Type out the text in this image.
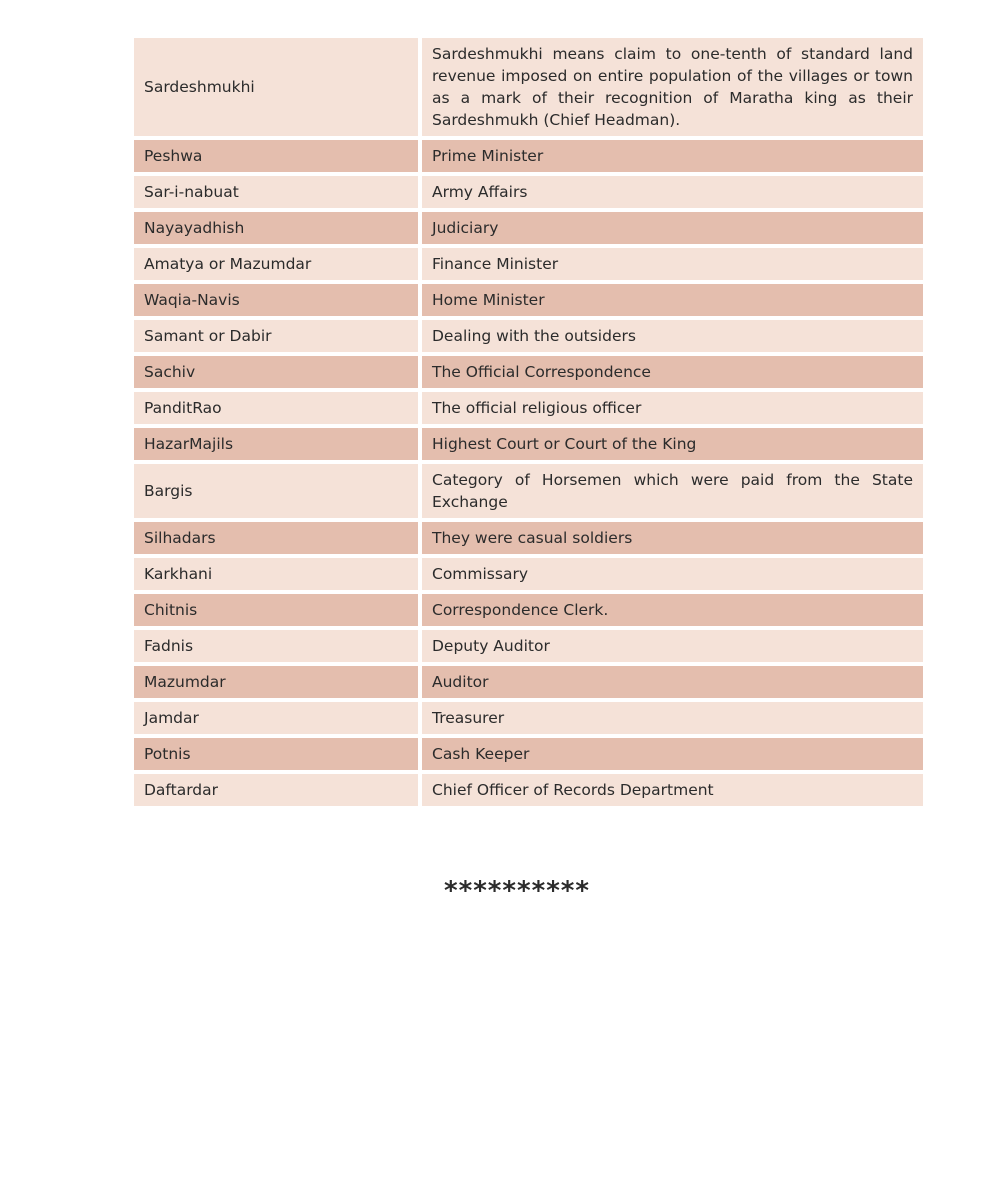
Sardeshmukhi	Sardeshmukhi means claim to one-tenth of standard land revenue imposed on entire population of the villages or town as a mark of their recognition of Maratha king as their Sardeshmukh (Chief Headman).
Peshwa	Prime Minister
Sar-i-nabuat	Army Affairs
Nayayadhish	Judiciary
Amatya or Mazumdar	Finance Minister
Waqia-Navis	Home Minister
Samant or Dabir	Dealing with the outsiders
Sachiv	The Official Correspondence
PanditRao	The official religious officer
HazarMajils	Highest Court or Court of the King
Bargis	Category of Horsemen which were paid from the State Exchange
Silhadars	They were casual soldiers
Karkhani	Commissary
Chitnis	Correspondence Clerk.
Fadnis	Deputy Auditor
Mazumdar	Auditor
Jamdar	Treasurer
Potnis	Cash Keeper
Daftardar	Chief Officer of Records Department
**********
